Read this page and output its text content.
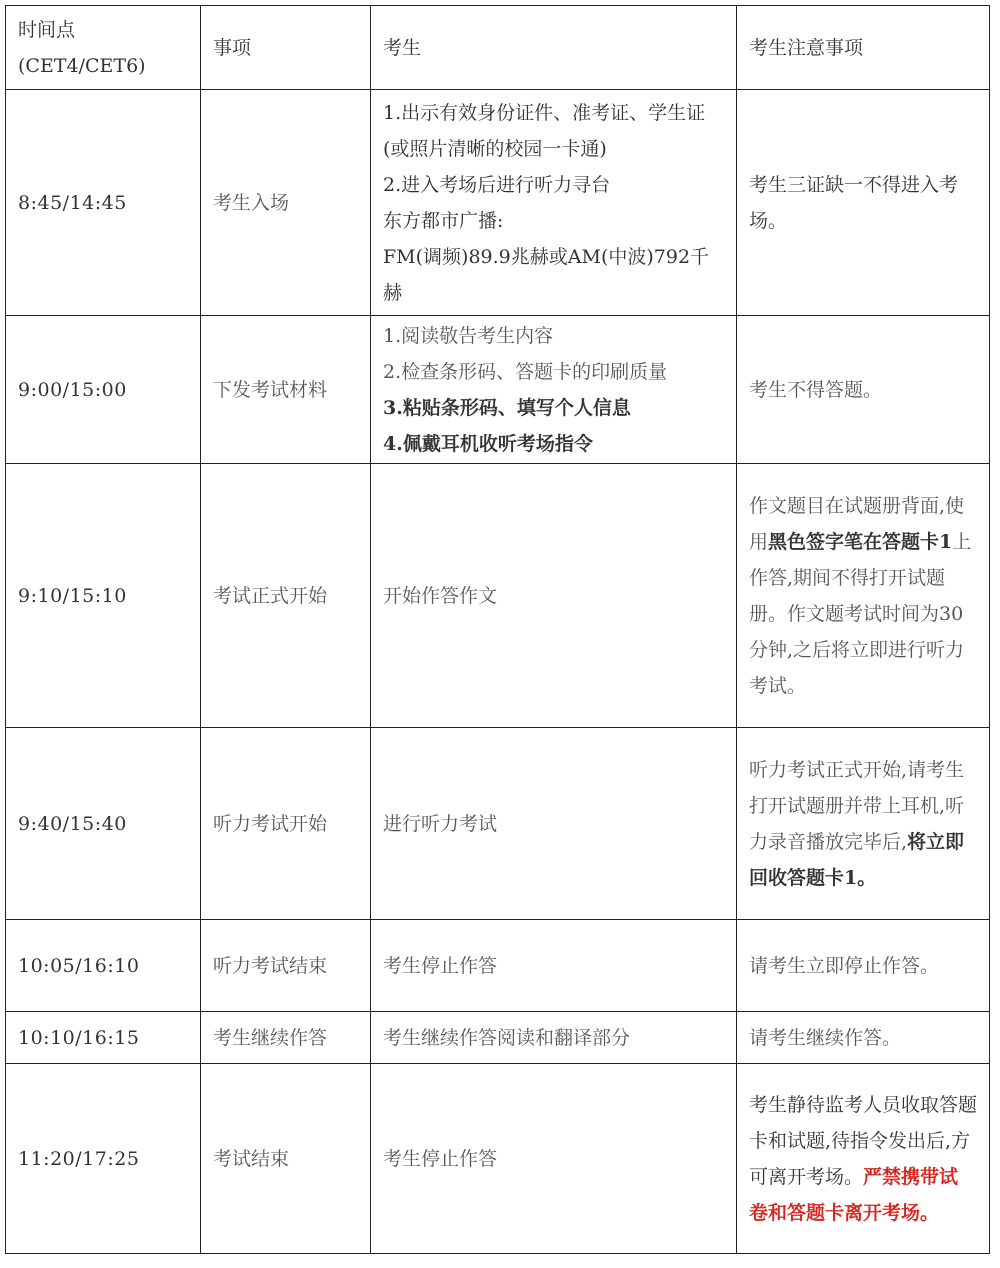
时间点
(CET4/CET6)	事项	考生	考生注意事项
8:45/14:45	考生入场	1.出示有效身份证件、准考证、学生证(或照片清晰的校园一卡通)
2.进入考场后进行听力寻台
东方都市广播:
FM(调频)89.9兆赫或AM(中波)792千赫	考生三证缺一不得进入考场。
9:00/15:00	下发考试材料	1.阅读敬告考生内容
2.检查条形码、答题卡的印刷质量
3.粘贴条形码、填写个人信息
4.佩戴耳机收听考场指令	考生不得答题。
9:10/15:10	考试正式开始	开始作答作文	作文题目在试题册背面,使用黑色签字笔在答题卡1上作答,期间不得打开试题册。作文题考试时间为30分钟,之后将立即进行听力考试。
9:40/15:40	听力考试开始	进行听力考试	听力考试正式开始,请考生打开试题册并带上耳机,听力录音播放完毕后,将立即回收答题卡1。
10:05/16:10	听力考试结束	考生停止作答	请考生立即停止作答。
10:10/16:15	考生继续作答	考生继续作答阅读和翻译部分	请考生继续作答。
11:20/17:25	考试结束	考生停止作答	考生静待监考人员收取答题卡和试题,待指令发出后,方可离开考场。严禁携带试卷和答题卡离开考场。
